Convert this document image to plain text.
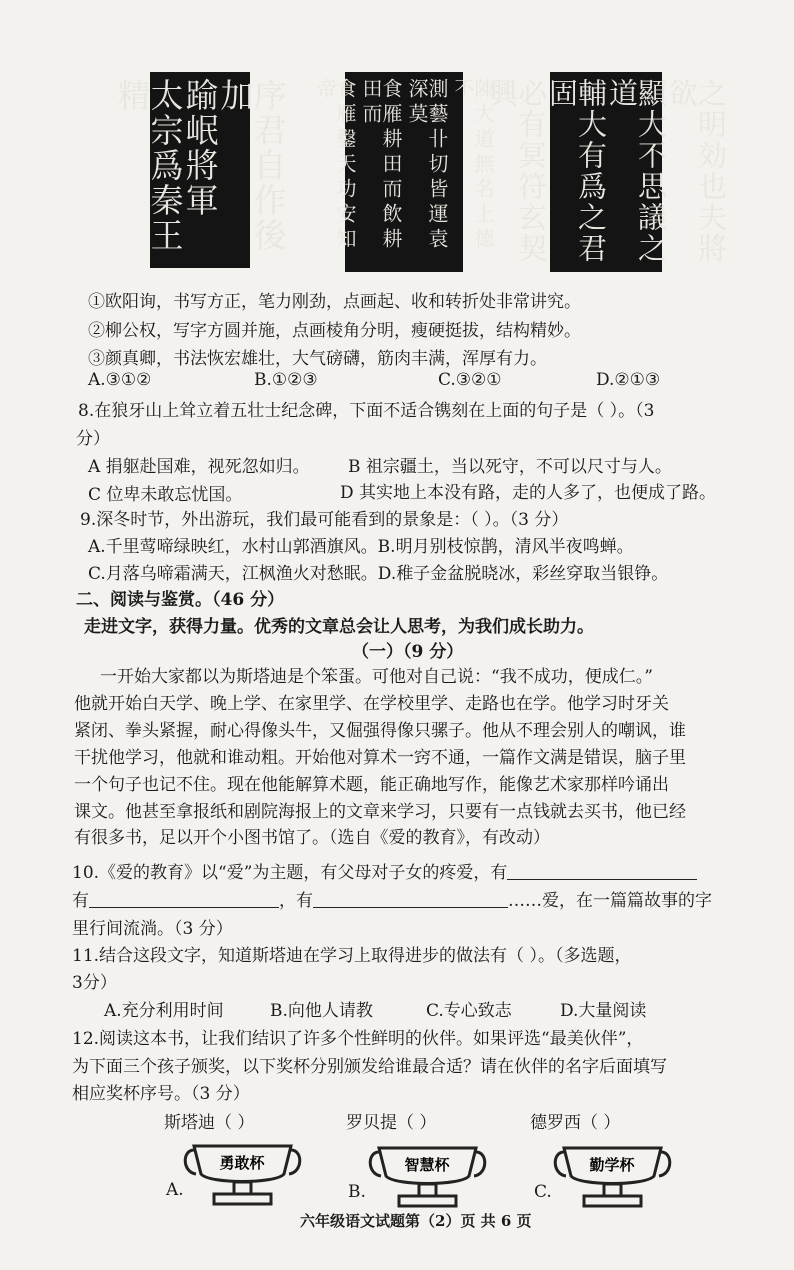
序君自作後加
踰岷將軍
太宗爲秦王精	陳大道無名上德不
測藝卝切皆運袁深莫
食雁耕田而飲耕田而
食雁鑿天功安知帝	之明効也夫將欲
顯大不思議之道
輔大有爲之君固
必有冥符玄契興
①欧阳询，书写方正，笔力刚劲，点画起、收和转折处非常讲究。
②柳公权，写字方圆并施，点画棱角分明，瘦硬挺拔，结构精妙。
③颜真卿，书法恢宏雄壮，大气磅礴，筋肉丰满，浑厚有力。
A.③①②	B.①②③	C.③②①	D.②①③
8.在狼牙山上耸立着五壮士纪念碑，下面不适合镌刻在上面的句子是（ ）。（3
分）
A 捐躯赴国难，视死忽如归。 B 祖宗疆土，当以死守，不可以尺寸与人。
C 位卑未敢忘忧国。	D 其实地上本没有路，走的人多了，也便成了路。
9.深冬时节，外出游玩，我们最可能看到的景象是：（ ）。（3 分）
A.千里莺啼绿映红，水村山郭酒旗风。B.明月别枝惊鹊，清风半夜鸣蝉。
C.月落乌啼霜满天，江枫渔火对愁眠。D.稚子金盆脱晓冰，彩丝穿取当银铮。
二、阅读与鉴赏。（46 分）
走进文字，获得力量。优秀的文章总会让人思考，为我们成长助力。
（一）（9 分）
一开始大家都以为斯塔迪是个笨蛋。可他对自己说：“我不成功，便成仁。”
他就开始白天学、晚上学、在家里学、在学校里学、走路也在学。他学习时牙关
紧闭、拳头紧握，耐心得像头牛，又倔强得像只骡子。他从不理会别人的嘲讽，谁
干扰他学习，他就和谁动粗。开始他对算术一窍不通，一篇作文满是错误，脑子里
一个句子也记不住。现在他能解算术题，能正确地写作，能像艺术家那样吟诵出
课文。他甚至拿报纸和剧院海报上的文章来学习，只要有一点钱就去买书，他已经
有很多书，足以开个小图书馆了。（选自《爱的教育》，有改动）
10.《爱的教育》以“爱”为主题，有父母对子女的疼爱，有
有	，有	……爱，在一篇篇故事的字
里行间流淌。（3 分）
11.结合这段文字，知道斯塔迪在学习上取得进步的做法有（ ）。（多选题，
3分）
A.充分利用时间	B.向他人请教	C.专心致志	D.大量阅读
12.阅读这本书，让我们结识了许多个性鲜明的伙伴。如果评选“最美伙伴”，
为下面三个孩子颁奖，以下奖杯分别颁发给谁最合适？请在伙伴的名字后面填写
相应奖杯序号。（3 分）
斯塔迪（ ）	罗贝提（ ）	德罗西（ ）
A.
勇敢杯
B.
智慧杯
C.
勤学杯
六年级语文试题第（2）页 共 6 页
